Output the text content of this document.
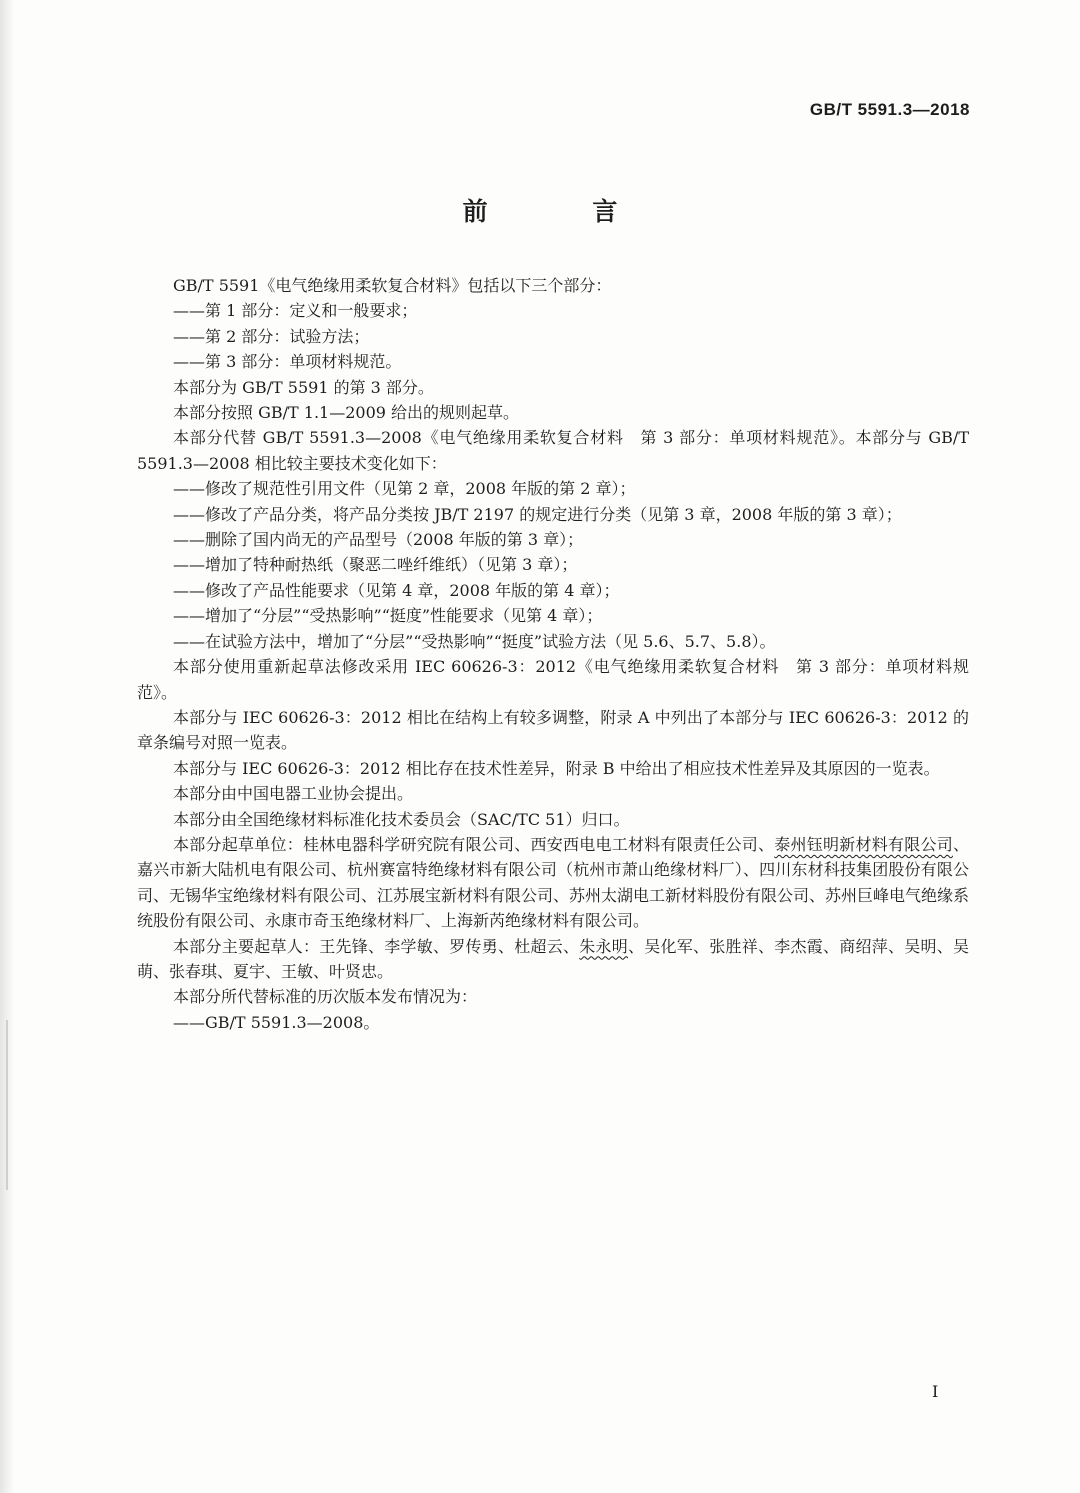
GB/T 5591.3—2018
前 言

GB/T 5591《电气绝缘用柔软复合材料》包括以下三个部分：

——第 1 部分：定义和一般要求；

——第 2 部分：试验方法；

——第 3 部分：单项材料规范。

本部分为 GB/T 5591 的第 3 部分。

本部分按照 GB/T 1.1—2009 给出的规则起草。

本部分代替 GB/T 5591.3—2008《电气绝缘用柔软复合材料　第 3 部分：单项材料规范》。本部分与 GB/T 5591.3—2008 相比较主要技术变化如下：

——修改了规范性引用文件（见第 2 章，2008 年版的第 2 章）；

——修改了产品分类，将产品分类按 JB/T 2197 的规定进行分类（见第 3 章，2008 年版的第 3 章）；

——删除了国内尚无的产品型号（2008 年版的第 3 章）；

——增加了特种耐热纸（聚恶二唑纤维纸）（见第 3 章）；

——修改了产品性能要求（见第 4 章，2008 年版的第 4 章）；

——增加了“分层”“受热影响”“挺度”性能要求（见第 4 章）；

——在试验方法中，增加了“分层”“受热影响”“挺度”试验方法（见 5.6、5.7、5.8）。

本部分使用重新起草法修改采用 IEC 60626-3：2012《电气绝缘用柔软复合材料　第 3 部分：单项材料规范》。

本部分与 IEC 60626-3：2012 相比在结构上有较多调整，附录 A 中列出了本部分与 IEC 60626-3：2012 的章条编号对照一览表。

本部分与 IEC 60626-3：2012 相比存在技术性差异，附录 B 中给出了相应技术性差异及其原因的一览表。

本部分由中国电器工业协会提出。

本部分由全国绝缘材料标准化技术委员会（SAC/TC 51）归口。

本部分起草单位：桂林电器科学研究院有限公司、西安西电电工材料有限责任公司、泰州钰明新材料有限公司、嘉兴市新大陆机电有限公司、杭州赛富特绝缘材料有限公司（杭州市萧山绝缘材料厂）、四川东材科技集团股份有限公司、无锡华宝绝缘材料有限公司、江苏展宝新材料有限公司、苏州太湖电工新材料股份有限公司、苏州巨峰电气绝缘系统股份有限公司、永康市奇玉绝缘材料厂、上海新芮绝缘材料有限公司。

本部分主要起草人：王先锋、李学敏、罗传勇、杜超云、朱永明、吴化军、张胜祥、李杰霞、商绍萍、吴明、吴萌、张春琪、夏宇、王敏、叶贤忠。

本部分所代替标准的历次版本发布情况为：

——GB/T 5591.3—2008。

I
